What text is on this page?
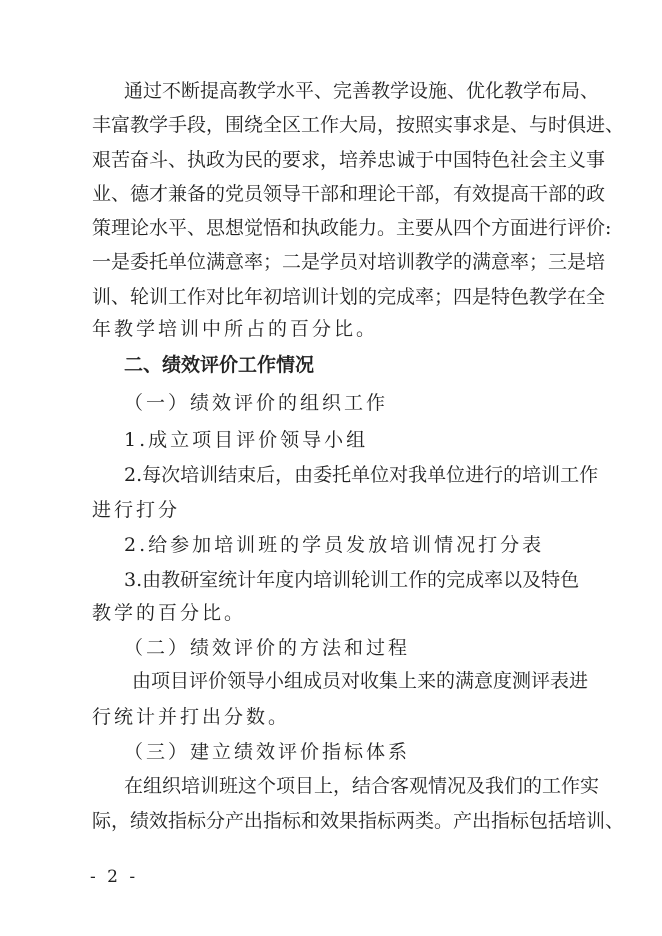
通过不断提高教学水平、完善教学设施、优化教学布局、
丰富教学手段，围绕全区工作大局，按照实事求是、与时俱进、
艰苦奋斗、执政为民的要求，培养忠诚于中国特色社会主义事
业、德才兼备的党员领导干部和理论干部，有效提高干部的政
策理论水平、思想觉悟和执政能力。主要从四个方面进行评价:
一是委托单位满意率；二是学员对培训教学的满意率；三是培
训、轮训工作对比年初培训计划的完成率；四是特色教学在全
年教学培训中所占的百分比。
二、绩效评价工作情况
（一）绩效评价的组织工作
1.成立项目评价领导小组
2.每次培训结束后，由委托单位对我单位进行的培训工作
进行打分
2.给参加培训班的学员发放培训情况打分表
3.由教研室统计年度内培训轮训工作的完成率以及特色
教学的百分比。
（二）绩效评价的方法和过程
由项目评价领导小组成员对收集上来的满意度测评表进
行统计并打出分数。
（三）建立绩效评价指标体系
在组织培训班这个项目上，结合客观情况及我们的工作实
际，绩效指标分产出指标和效果指标两类。产出指标包括培训、
- 2 -
